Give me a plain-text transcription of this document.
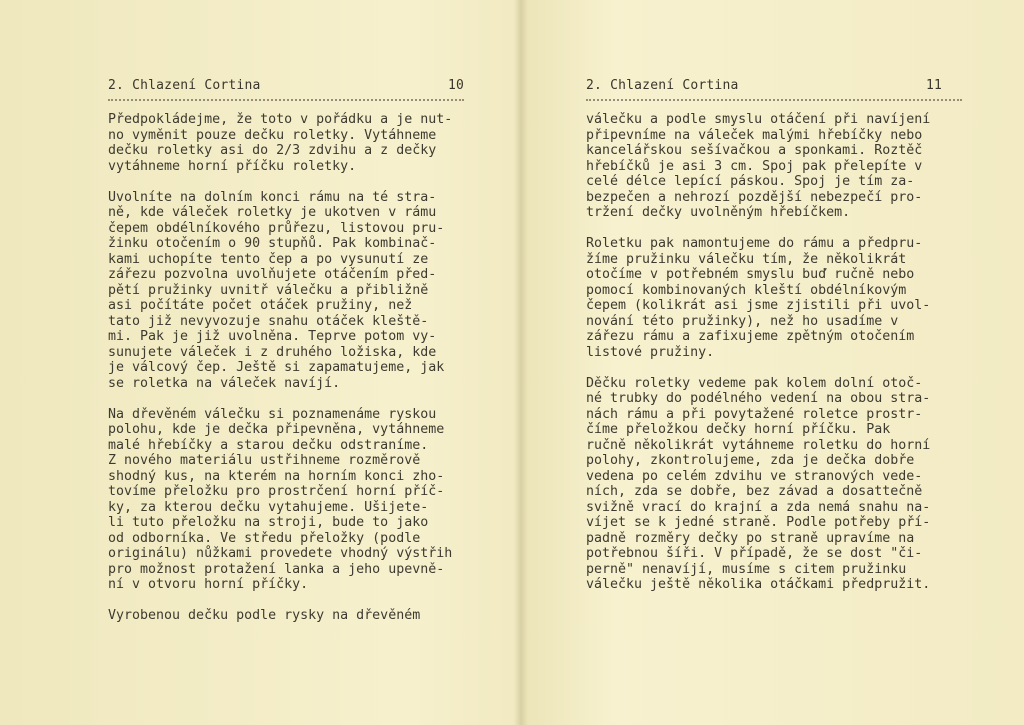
2. Chlazení Cortina	10
Předpokládejme, že toto v pořádku a je nut-
no vyměnit pouze dečku roletky. Vytáhneme
dečku roletky asi do 2/3 zdvihu a z dečky
vytáhneme horní příčku roletky.
Uvolníte na dolním konci rámu na té stra-
ně, kde váleček roletky je ukotven v rámu
čepem obdélníkového průřezu, listovou pru-
žinku otočením o 90 stupňů. Pak kombinač-
kami uchopíte tento čep a po vysunutí ze
zářezu pozvolna uvolňujete otáčením před-
pětí pružinky uvnitř válečku a přibližně
asi počítáte počet otáček pružiny, než
tato již nevyvozuje snahu otáček kleště-
mi. Pak je již uvolněna. Teprve potom vy-
sunujete váleček i z druhého ložiska, kde
je válcový čep. Ještě si zapamatujeme, jak
se roletka na váleček navíjí.
Na dřevěném válečku si poznamenáme ryskou
polohu, kde je dečka připevněna, vytáhneme
malé hřebíčky a starou dečku odstraníme.
Z nového materiálu ustřihneme rozměrově
shodný kus, na kterém na horním konci zho-
tovíme přeložku pro prostrčení horní příč-
ky, za kterou dečku vytahujeme. Ušijete-
li tuto přeložku na stroji, bude to jako
od odborníka. Ve středu přeložky (podle
originálu) nůžkami provedete vhodný výstřih
pro možnost protažení lanka a jeho upevně-
ní v otvoru horní příčky.
Vyrobenou dečku podle rysky na dřevěném
2. Chlazení Cortina	11
válečku a podle smyslu otáčení při navíjení
připevníme na váleček malými hřebíčky nebo
kancelářskou sešívačkou a sponkami. Roztěč
hřebíčků je asi 3 cm. Spoj pak přelepíte v
celé délce lepící páskou. Spoj je tím za-
bezpečen a nehrozí pozdější nebezpečí pro-
tržení dečky uvolněným hřebíčkem.
Roletku pak namontujeme do rámu a předpru-
žíme pružinku válečku tím, že několikrát
otočíme v potřebném smyslu buď ručně nebo
pomocí kombinovaných kleští obdélníkovým
čepem (kolikrát asi jsme zjistili při uvol-
nování této pružinky), než ho usadíme v
zářezu rámu a zafixujeme zpětným otočením
listové pružiny.
Děčku roletky vedeme pak kolem dolní otoč-
né trubky do podélného vedení na obou stra-
nách rámu a při povytažené roletce prostr-
číme přeložkou dečky horní příčku. Pak
ručně několikrát vytáhneme roletku do horní
polohy, zkontrolujeme, zda je dečka dobře
vedena po celém zdvihu ve stranových vede-
ních, zda se dobře, bez závad a dosattečně
svižně vrací do krajní a zda nemá snahu na-
víjet se k jedné straně. Podle potřeby pří-
padně rozměry dečky po straně upravíme na
potřebnou šíři. V případě, že se dost "či-
perně" nenavíjí, musíme s citem pružinku
válečku ještě několika otáčkami předpružit.
